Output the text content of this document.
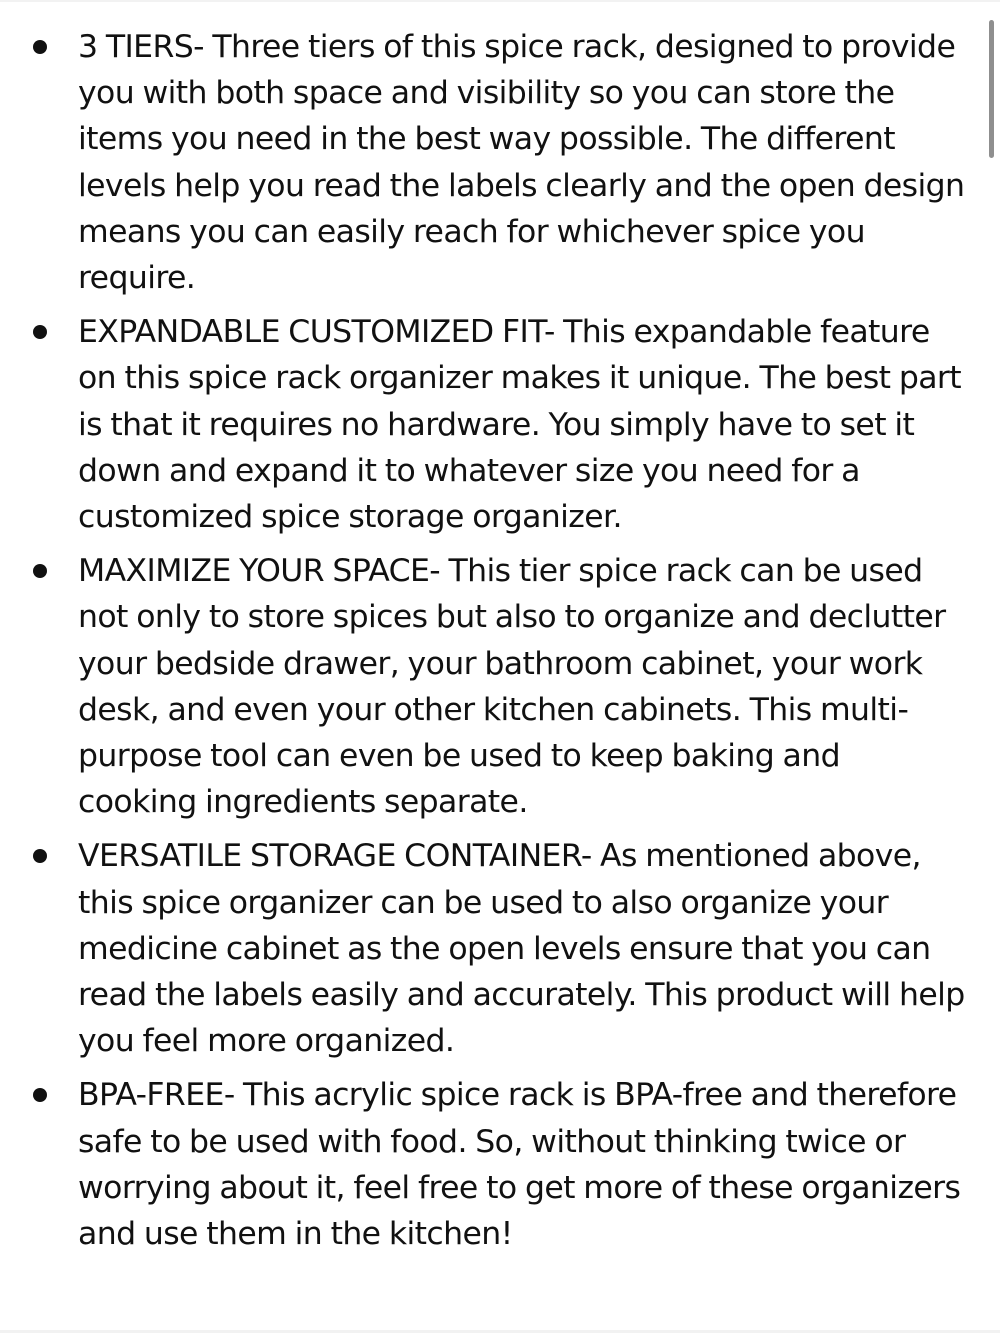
3 TIERS- Three tiers of this spice rack, designed to provide you with both space and visibility so you can store the items you need in the best way possible. The different levels help you read the labels clearly and the open design means you can easily reach for whichever spice you require.
EXPANDABLE CUSTOMIZED FIT- This expandable feature on this spice rack organizer makes it unique. The best part is that it requires no hardware. You simply have to set it down and expand it to whatever size you need for a customized spice storage organizer.
MAXIMIZE YOUR SPACE- This tier spice rack can be used not only to store spices but also to organize and declutter your bedside drawer, your bathroom cabinet, your work desk, and even your other kitchen cabinets. This multi-purpose tool can even be used to keep baking and cooking ingredients separate.
VERSATILE STORAGE CONTAINER- As mentioned above, this spice organizer can be used to also organize your medicine cabinet as the open levels ensure that you can read the labels easily and accurately. This product will help you feel more organized.
BPA-FREE- This acrylic spice rack is BPA-free and therefore safe to be used with food. So, without thinking twice or worrying about it, feel free to get more of these organizers and use them in the kitchen!
